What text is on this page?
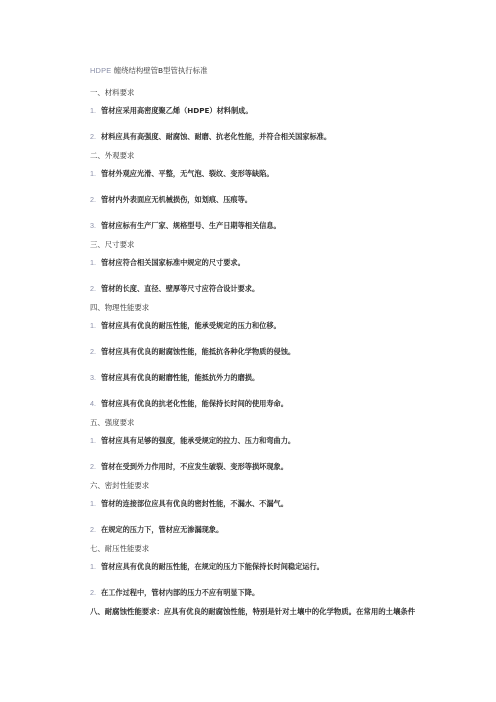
HDPE 缠绕结构壁管B型管执行标准
一、材料要求
1. 管材应采用高密度聚乙烯（HDPE）材料制成。
2. 材料应具有高强度、耐腐蚀、耐磨、抗老化性能，并符合相关国家标准。
二、外观要求
1. 管材外观应光滑、平整，无气泡、裂纹、变形等缺陷。
2. 管材内外表面应无机械损伤，如划痕、压痕等。
3. 管材应标有生产厂家、规格型号、生产日期等相关信息。
三、尺寸要求
1. 管材应符合相关国家标准中规定的尺寸要求。
2. 管材的长度、直径、壁厚等尺寸应符合设计要求。
四、物理性能要求
1. 管材应具有优良的耐压性能，能承受规定的压力和位移。
2. 管材应具有优良的耐腐蚀性能，能抵抗各种化学物质的侵蚀。
3. 管材应具有优良的耐磨性能，能抵抗外力的磨损。
4. 管材应具有优良的抗老化性能，能保持长时间的使用寿命。
五、强度要求
1. 管材应具有足够的强度，能承受规定的拉力、压力和弯曲力。
2. 管材在受到外力作用时，不应发生破裂、变形等损坏现象。
六、密封性能要求
1. 管材的连接部位应具有优良的密封性能，不漏水、不漏气。
2. 在规定的压力下，管材应无渗漏现象。
七、耐压性能要求
1. 管材应具有优良的耐压性能，在规定的压力下能保持长时间稳定运行。
2. 在工作过程中，管材内部的压力不应有明显下降。
八、耐腐蚀性能要求：应具有优良的耐腐蚀性能，特别是针对土壤中的化学物质。在常用的土壤条件
